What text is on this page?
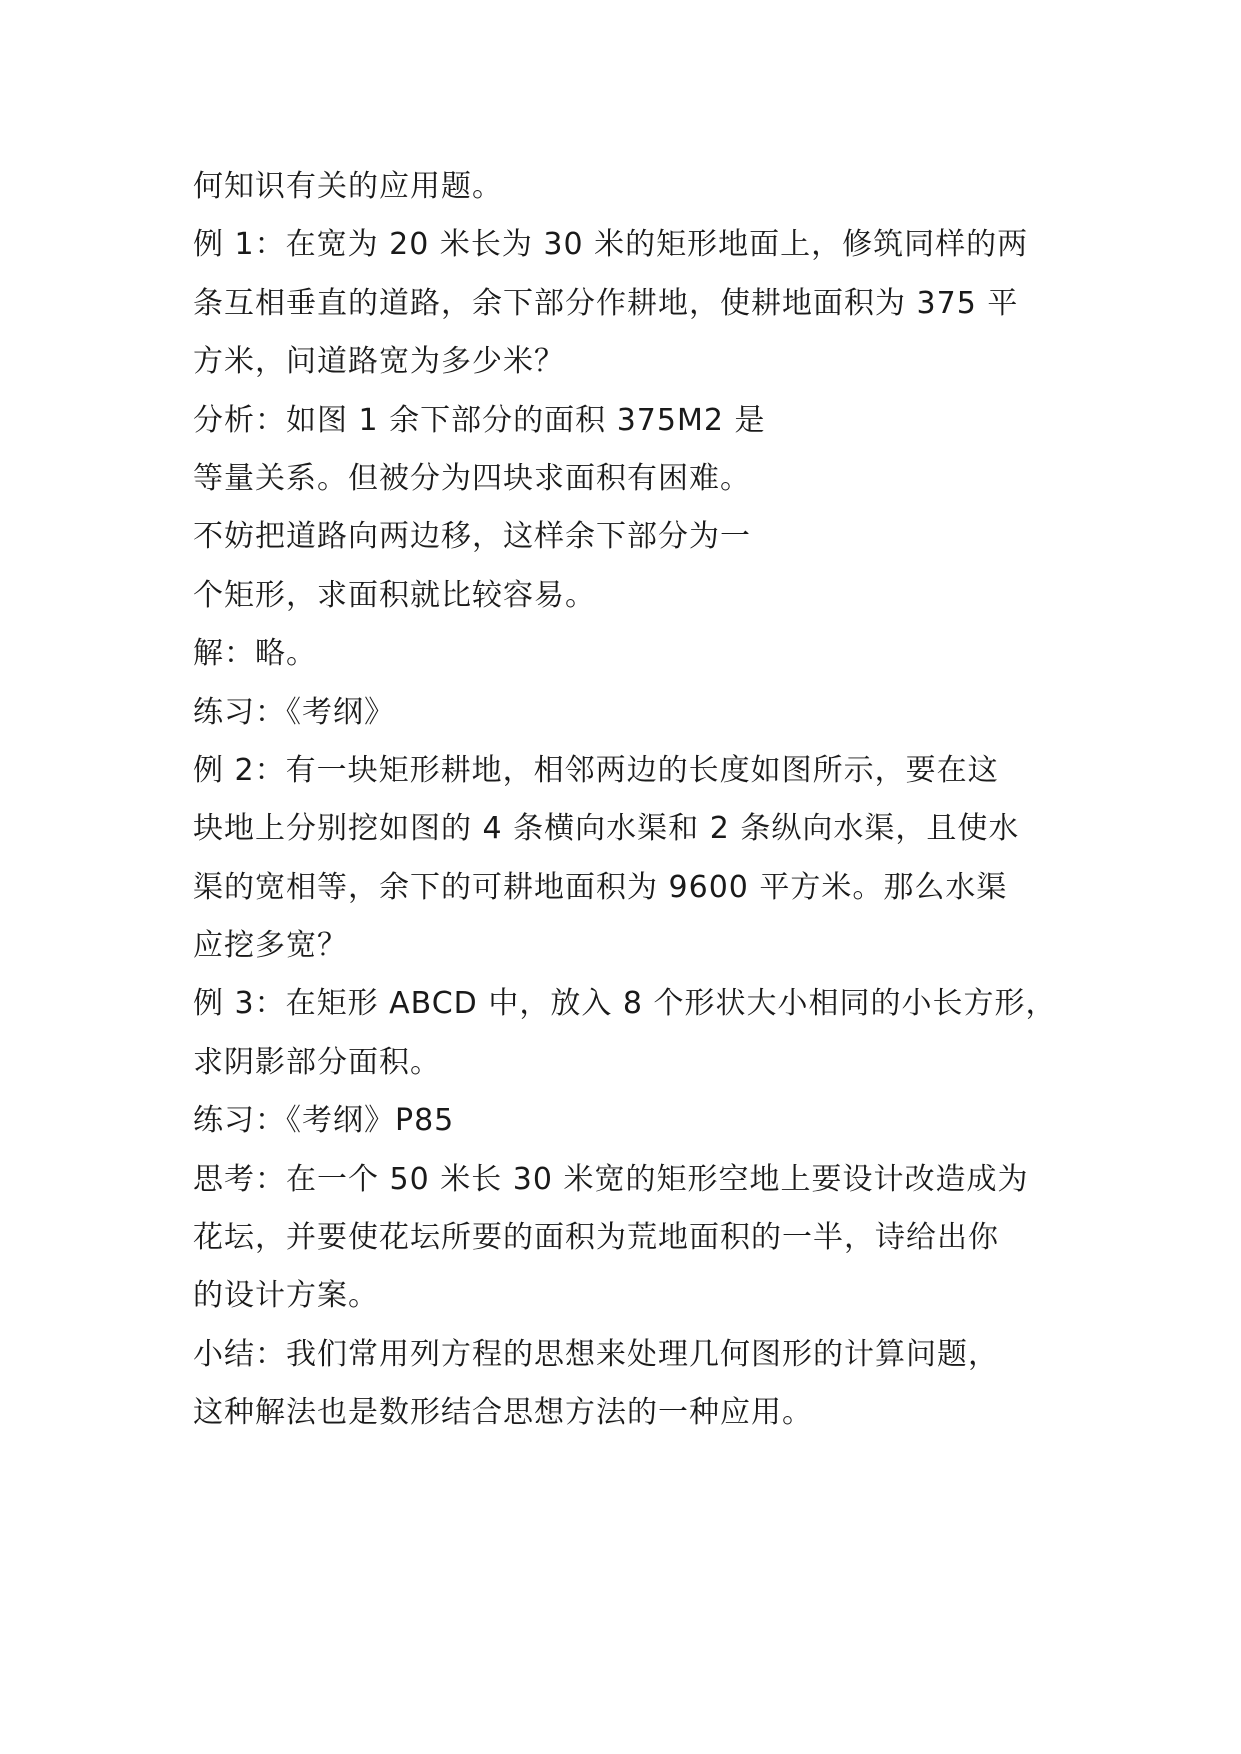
何知识有关的应用题。
例 1：在宽为 20 米长为 30 米的矩形地面上，修筑同样的两
条互相垂直的道路，余下部分作耕地，使耕地面积为 375 平
方米，问道路宽为多少米？
分析：如图 1 余下部分的面积 375M2 是
等量关系。但被分为四块求面积有困难。
不妨把道路向两边移，这样余下部分为一
个矩形，求面积就比较容易。
解：略。
练习：《考纲》
例 2：有一块矩形耕地，相邻两边的长度如图所示，要在这
块地上分别挖如图的 4 条横向水渠和 2 条纵向水渠，且使水
渠的宽相等，余下的可耕地面积为 9600 平方米。那么水渠
应挖多宽？
例 3：在矩形 ABCD 中，放入 8 个形状大小相同的小长方形，
求阴影部分面积。
练习：《考纲》P85
思考：在一个 50 米长 30 米宽的矩形空地上要设计改造成为
花坛，并要使花坛所要的面积为荒地面积的一半，诗给出你
的设计方案。
小结：我们常用列方程的思想来处理几何图形的计算问题，
这种解法也是数形结合思想方法的一种应用。
